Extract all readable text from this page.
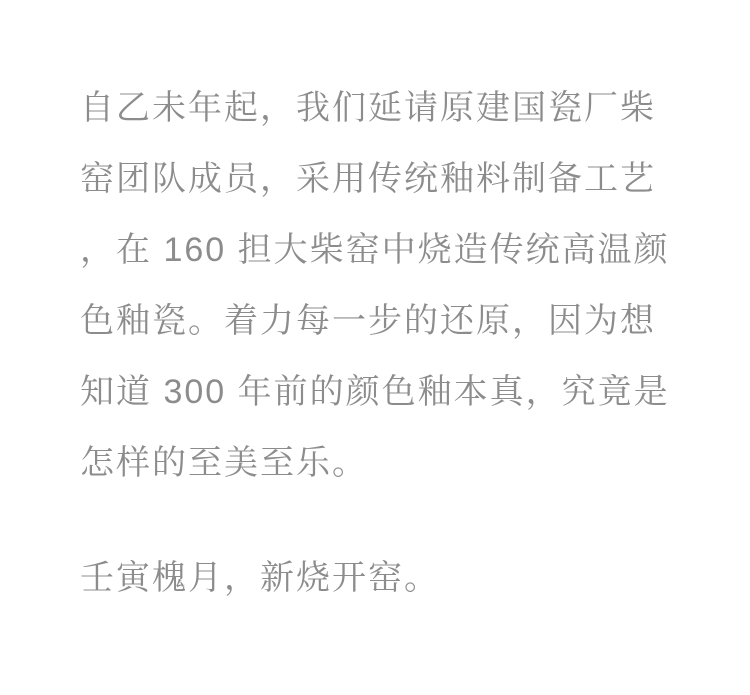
自乙未年起，我们延请原建国瓷厂柴
窑团队成员，采用传统釉料制备工艺
，在 160 担大柴窑中烧造传统高温颜
色釉瓷。着力每一步的还原，因为想
知道 300 年前的颜色釉本真，究竟是
怎样的至美至乐。
壬寅槐月，新烧开窑。
